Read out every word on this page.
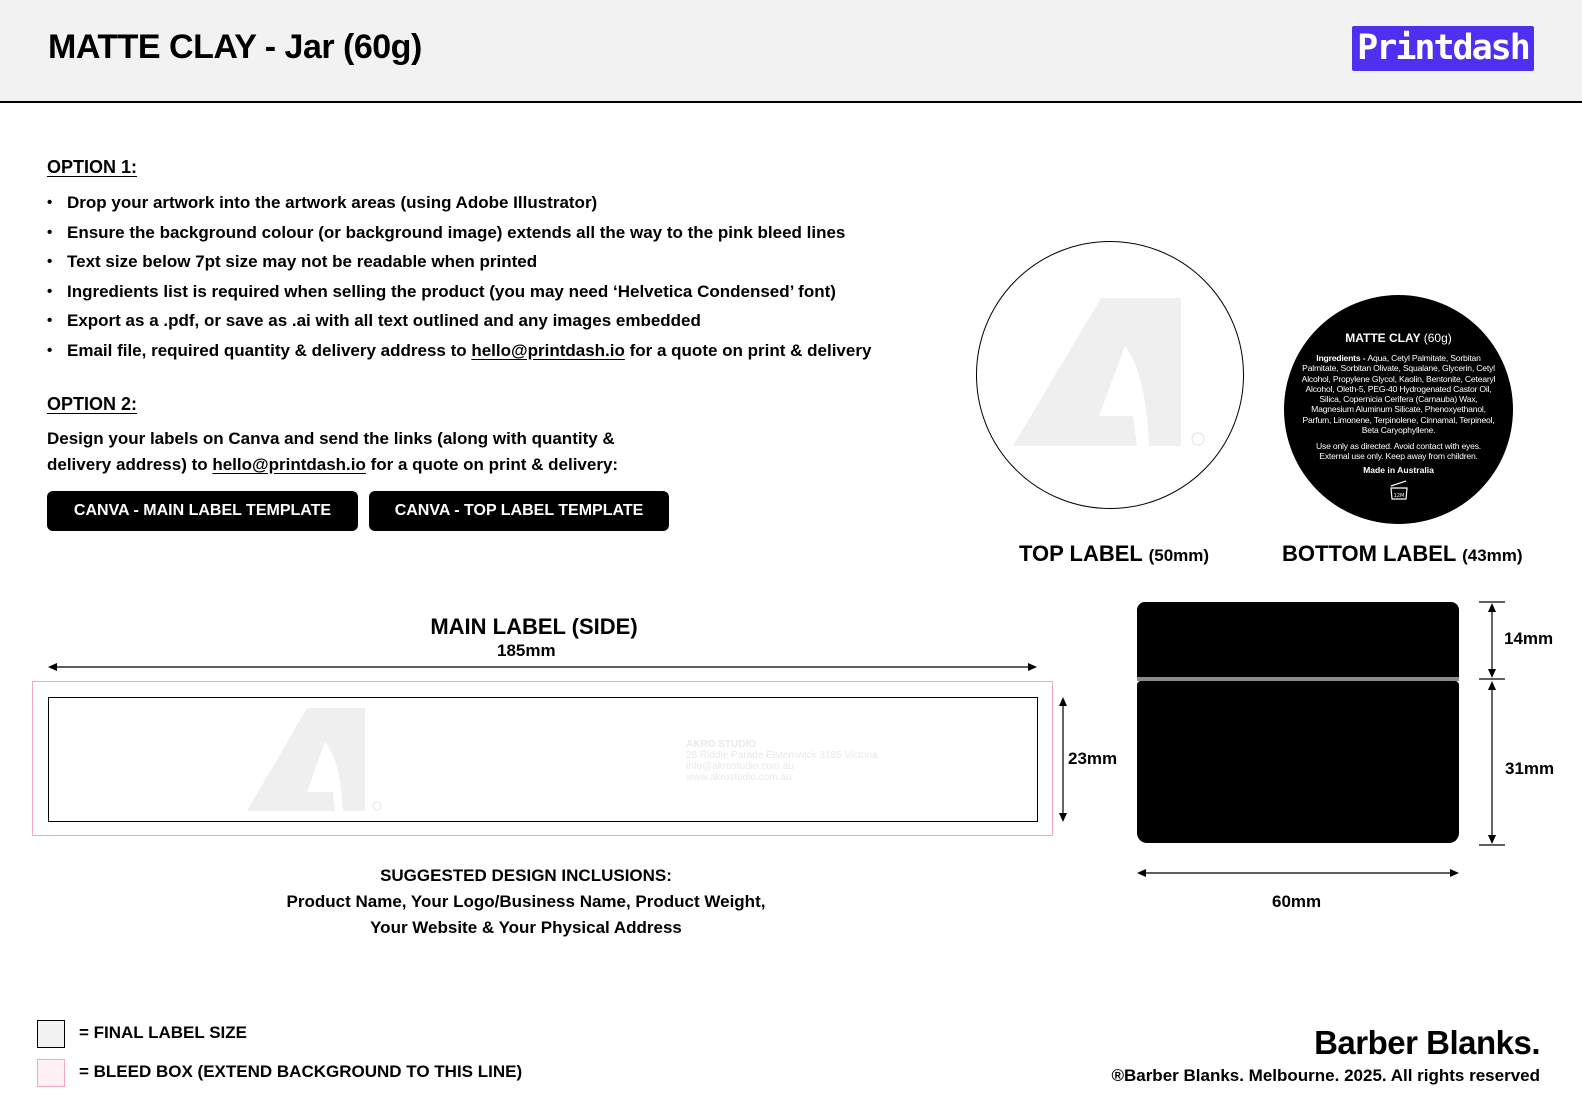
MATTE CLAY - Jar (60g)	Printdash
OPTION 1:
• Drop your artwork into the artwork areas (using Adobe Illustrator)
• Ensure the background colour (or background image) extends all the way to the pink bleed lines
• Text size below 7pt size may not be readable when printed
• Ingredients list is required when selling the product (you may need ‘Helvetica Condensed’ font)
• Export as a .pdf, or save as .ai with all text outlined and any images embedded
• Email file, required quantity & delivery address to hello@printdash.io for a quote on print & delivery
OPTION 2:
Design your labels on Canva and send the links (along with quantity & delivery address) to hello@printdash.io for a quote on print & delivery:
CANVA - MAIN LABEL TEMPLATE	CANVA - TOP LABEL TEMPLATE
TOP LABEL (50mm)
MATTE CLAY (60g)
Ingredients - Aqua, Cetyl Palmitate, Sorbitan Palmitate, Sorbitan Olivate, Squalane, Glycerin, Cetyl Alcohol, Propylene Glycol, Kaolin, Bentonite, Cetearyl Alcohol, Oleth-5, PEG-40 Hydrogenated Castor Oil, Silica, Copernicia Cerifera (Carnauba) Wax, Magnesium Aluminum Silicate, Phenoxyethanol, Parfum, Limonene, Terpinolene, Cinnamal, Terpineol, Beta Caryophyllene.
Use only as directed. Avoid contact with eyes. External use only. Keep away from children.
Made in Australia
12M
BOTTOM LABEL (43mm)
MAIN LABEL (SIDE)
185mm
AKRO STUDIO
28 Riddle Parade Elsternwick 3185 Victoria
info@akrostudio.com.au
www.akrostudio.com.au
23mm
SUGGESTED DESIGN INCLUSIONS:
Product Name, Your Logo/Business Name, Product Weight,
Your Website & Your Physical Address
14mm
31mm
60mm
= FINAL LABEL SIZE
= BLEED BOX (EXTEND BACKGROUND TO THIS LINE)
Barber Blanks.
®Barber Blanks. Melbourne. 2025. All rights reserved
